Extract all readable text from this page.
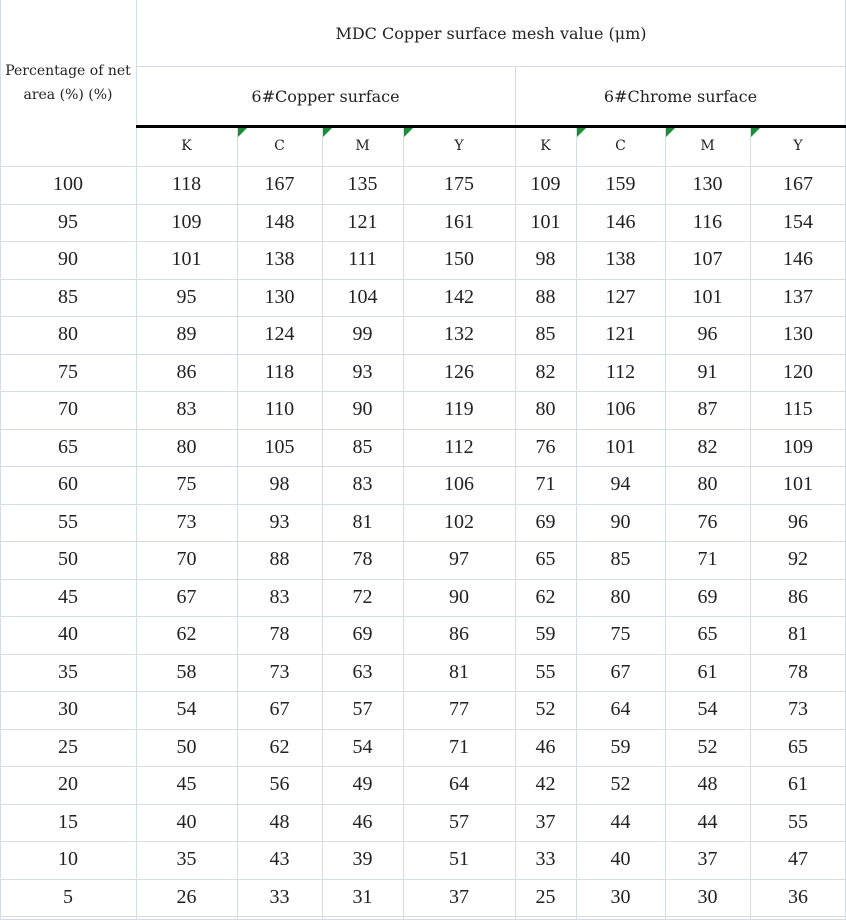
Percentage of net
area (%) (%)
MDC Copper surface mesh value (μm)
6#Copper surface	6#Chrome surface
K	C	M	Y	K	C	M	Y
100	118	167	135	175	109	159	130	167
95	109	148	121	161	101	146	116	154
90	101	138	111	150	98	138	107	146
85	95	130	104	142	88	127	101	137
80	89	124	99	132	85	121	96	130
75	86	118	93	126	82	112	91	120
70	83	110	90	119	80	106	87	115
65	80	105	85	112	76	101	82	109
60	75	98	83	106	71	94	80	101
55	73	93	81	102	69	90	76	96
50	70	88	78	97	65	85	71	92
45	67	83	72	90	62	80	69	86
40	62	78	69	86	59	75	65	81
35	58	73	63	81	55	67	61	78
30	54	67	57	77	52	64	54	73
25	50	62	54	71	46	59	52	65
20	45	56	49	64	42	52	48	61
15	40	48	46	57	37	44	44	55
10	35	43	39	51	33	40	37	47
5	26	33	31	37	25	30	30	36
